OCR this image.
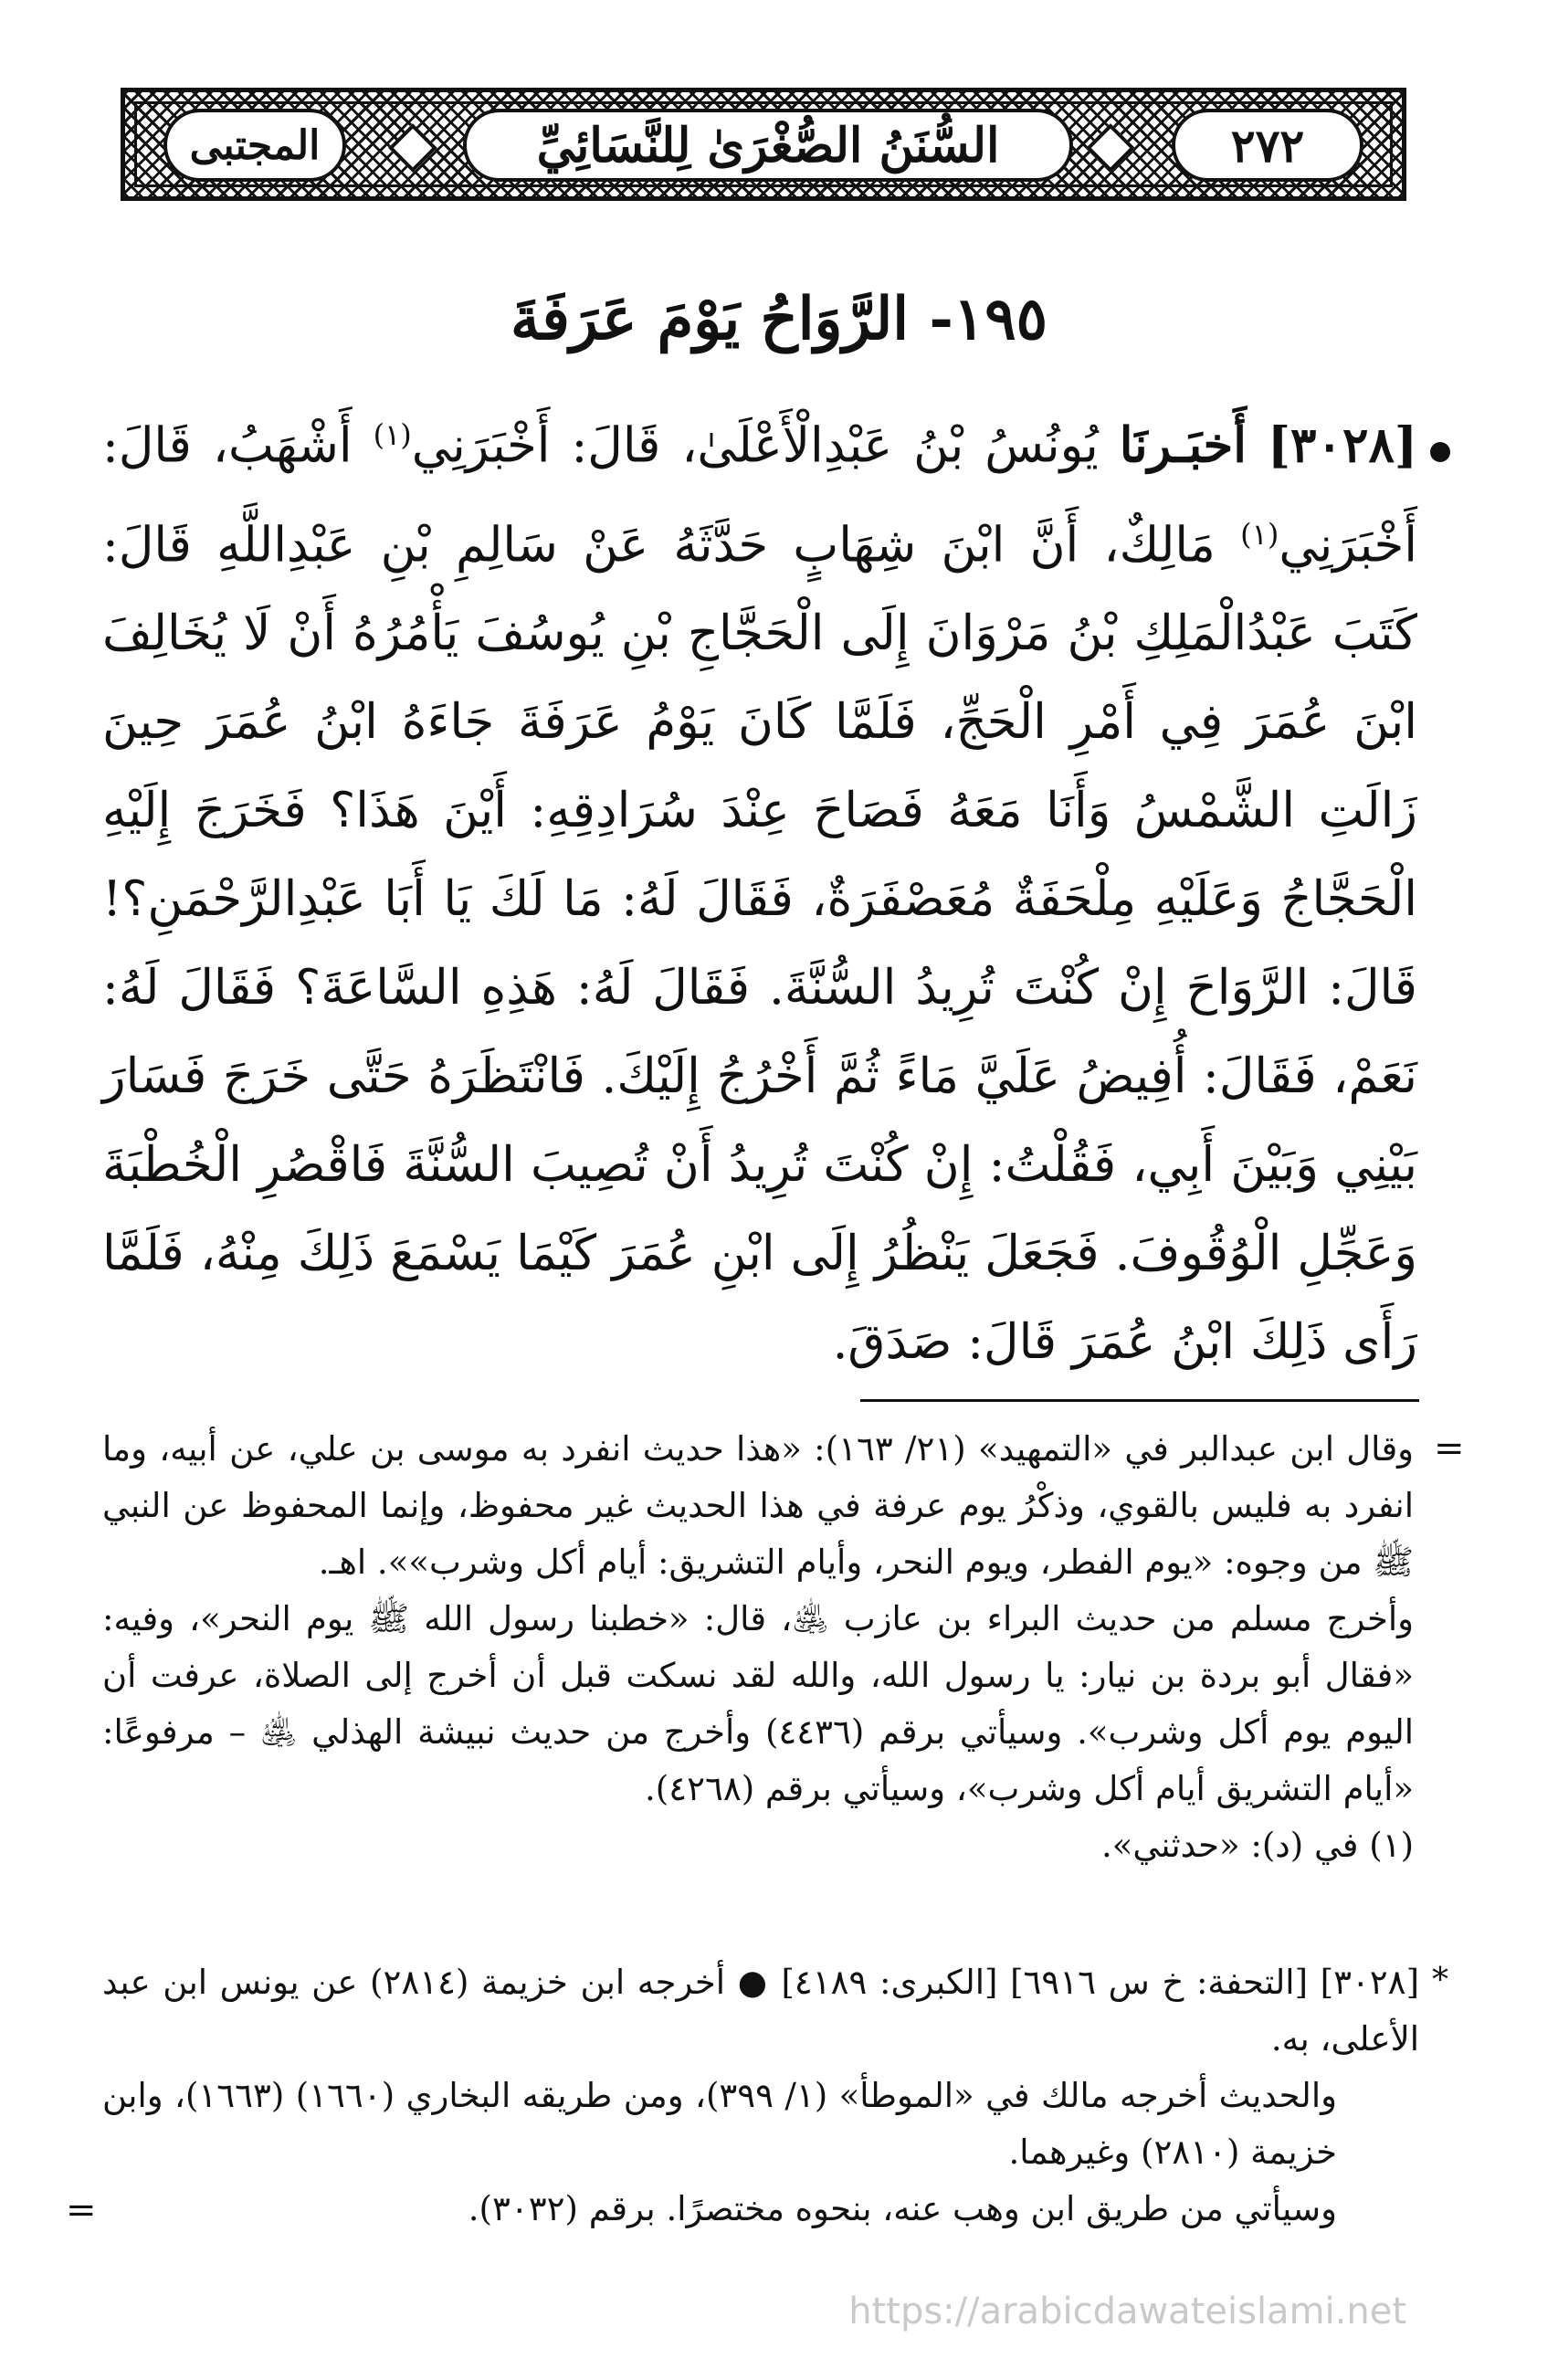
٢٧٢
السُّنَنُ الصُّغْرَىٰ لِلنَّسَائِيِّ
المجتبى
١٩٥- الرَّوَاحُ يَوْمَ عَرَفَةَ
[٣٠٢٨] أَخبَـرنَا يُونُسُ بْنُ عَبْدِالْأَعْلَىٰ، قَالَ: أَخْبَرَنِي$^{(١)}$ أَشْهَبُ، قَالَ: أَخْبَرَنِي$^{(١)}$ مَالِكٌ، أَنَّ ابْنَ شِهَابٍ حَدَّثَهُ عَنْ سَالِمِ بْنِ عَبْدِاللَّهِ قَالَ: كَتَبَ عَبْدُالْمَلِكِ بْنُ مَرْوَانَ إِلَى الْحَجَّاجِ بْنِ يُوسُفَ يَأْمُرُهُ أَنْ لَا يُخَالِفَ ابْنَ عُمَرَ فِي أَمْرِ الْحَجِّ، فَلَمَّا كَانَ يَوْمُ عَرَفَةَ جَاءَهُ ابْنُ عُمَرَ حِينَ زَالَتِ الشَّمْسُ وَأَنَا مَعَهُ فَصَاحَ عِنْدَ سُرَادِقِهِ: أَيْنَ هَذَا؟ فَخَرَجَ إِلَيْهِ الْحَجَّاجُ وَعَلَيْهِ مِلْحَفَةٌ مُعَصْفَرَةٌ، فَقَالَ لَهُ: مَا لَكَ يَا أَبَا عَبْدِالرَّحْمَنِ؟! قَالَ: الرَّوَاحَ إِنْ كُنْتَ تُرِيدُ السُّنَّةَ. فَقَالَ لَهُ: هَذِهِ السَّاعَةَ؟ فَقَالَ لَهُ: نَعَمْ، فَقَالَ: أُفِيضُ عَلَيَّ مَاءً ثُمَّ أَخْرُجُ إِلَيْكَ. فَانْتَظَرَهُ حَتَّى خَرَجَ فَسَارَ بَيْنِي وَبَيْنَ أَبِي، فَقُلْتُ: إِنْ كُنْتَ تُرِيدُ أَنْ تُصِيبَ السُّنَّةَ فَاقْصُرِ الْخُطْبَةَ وَعَجِّلِ الْوُقُوفَ. فَجَعَلَ يَنْظُرُ إِلَى ابْنِ عُمَرَ كَيْمَا يَسْمَعَ ذَلِكَ مِنْهُ، فَلَمَّا رَأَى ذَلِكَ ابْنُ عُمَرَ قَالَ: صَدَقَ.
=

وقال ابن عبدالبر في «التمهيد» (٢١/ ١٦٣): «هذا حديث انفرد به موسى بن علي، عن أبيه، وما انفرد به فليس بالقوي، وذكْرُ يوم عرفة في هذا الحديث غير محفوظ، وإنما المحفوظ عن النبي ﷺ من وجوه: «يوم الفطر، ويوم النحر، وأيام التشريق: أيام أكل وشرب»». اهـ.

وأخرج مسلم من حديث البراء بن عازب ﵁، قال: «خطبنا رسول الله ﷺ يوم النحر»، وفيه: «فقال أبو بردة بن نيار: يا رسول الله، والله لقد نسكت قبل أن أخرج إلى الصلاة، عرفت أن اليوم يوم أكل وشرب». وسيأتي برقم (٤٤٣٦) وأخرج من حديث نبيشة الهذلي ﵁ – مرفوعًا: «أيام التشريق أيام أكل وشرب»، وسيأتي برقم (٤٢٦٨).

(١) في (د): «حدثني».

*

[٣٠٢٨] [التحفة: خ س ٦٩١٦] [الكبرى: ٤١٨٩] ● أخرجه ابن خزيمة (٢٨١٤) عن يونس ابن عبد الأعلى، به.

والحديث أخرجه مالك في «الموطأ» (١/ ٣٩٩)، ومن طريقه البخاري (١٦٦٠) (١٦٦٣)، وابن خزيمة (٢٨١٠) وغيرهما.

وسيأتي من طريق ابن وهب عنه، بنحوه مختصرًا. برقم (٣٠٣٢).

=
https://arabicdawateislami.net
